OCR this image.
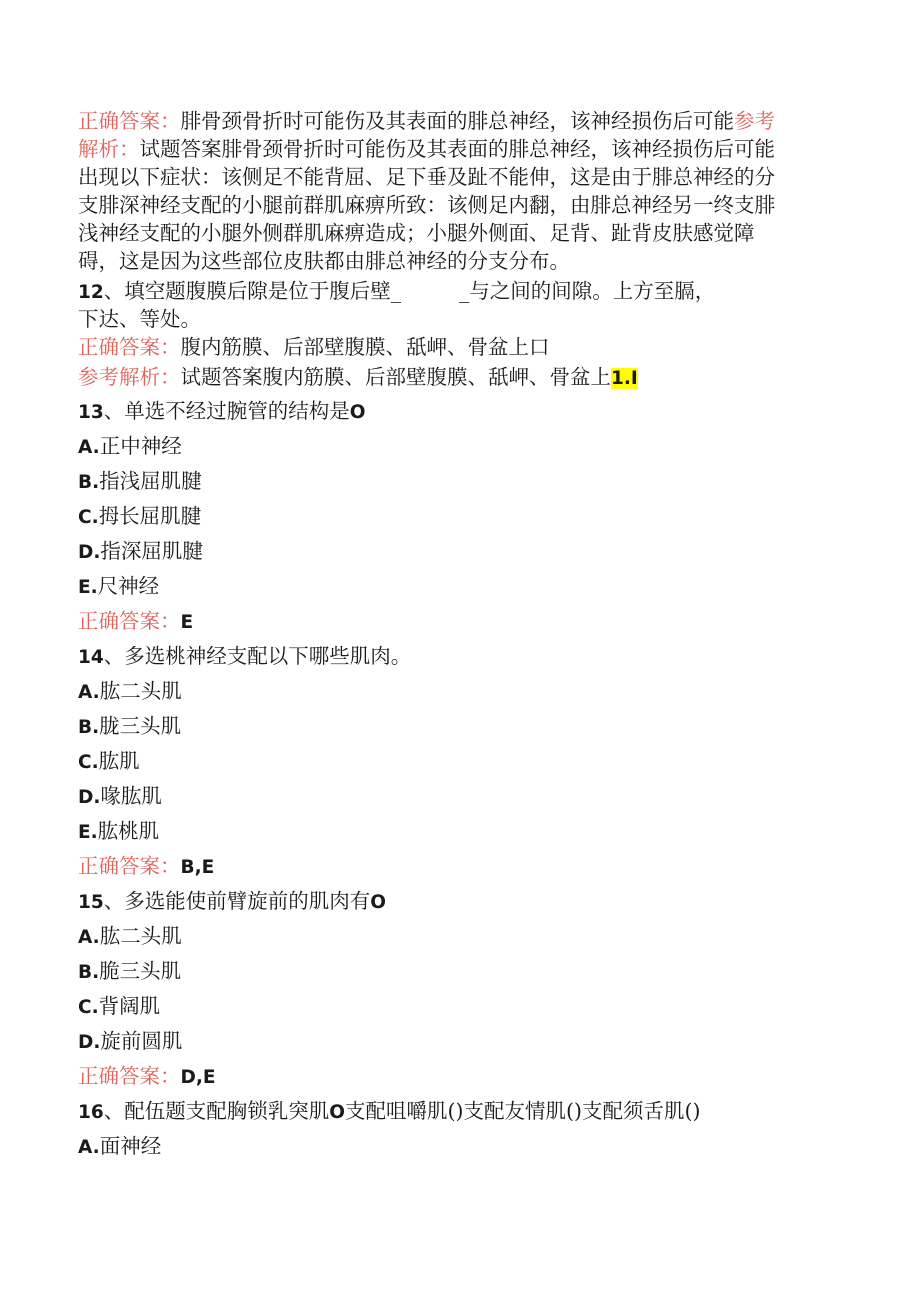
正确答案：腓骨颈骨折时可能伤及其表面的腓总神经，该神经损伤后可能参考
解析：试题答案腓骨颈骨折时可能伤及其表面的腓总神经，该神经损伤后可能
出现以下症状：该侧足不能背屈、足下垂及趾不能伸，这是由于腓总神经的分
支腓深神经支配的小腿前群肌麻痹所致：该侧足内翻，由腓总神经另一终支腓
浅神经支配的小腿外侧群肌麻痹造成；小腿外侧面、足背、趾背皮肤感觉障
碍，这是因为这些部位皮肤都由腓总神经的分支分布。
12、填空题腹膜后隙是位于腹后壁_	_与之间的间隙。上方至膈，
下达、等处。
正确答案：腹内筋膜、后部壁腹膜、舐岬、骨盆上口
参考解析：试题答案腹内筋膜、后部壁腹膜、舐岬、骨盆上1.I
13、单选不经过腕管的结构是O
A.正中神经
B.指浅屈肌腱
C.拇长屈肌腱
D.指深屈肌腱
E.尺神经
正确答案：E
14、多选桃神经支配以下哪些肌肉。
A.肱二头肌
B.胧三头肌
C.肱肌
D.喙肱肌
E.肱桃肌
正确答案：B,E
15、多选能使前臂旋前的肌肉有O
A.肱二头肌
B.脆三头肌
C.背阔肌
D.旋前圆肌
正确答案：D,E
16、配伍题支配胸锁乳突肌O支配咀嚼肌()支配友情肌()支配须舌肌()
A.面神经
